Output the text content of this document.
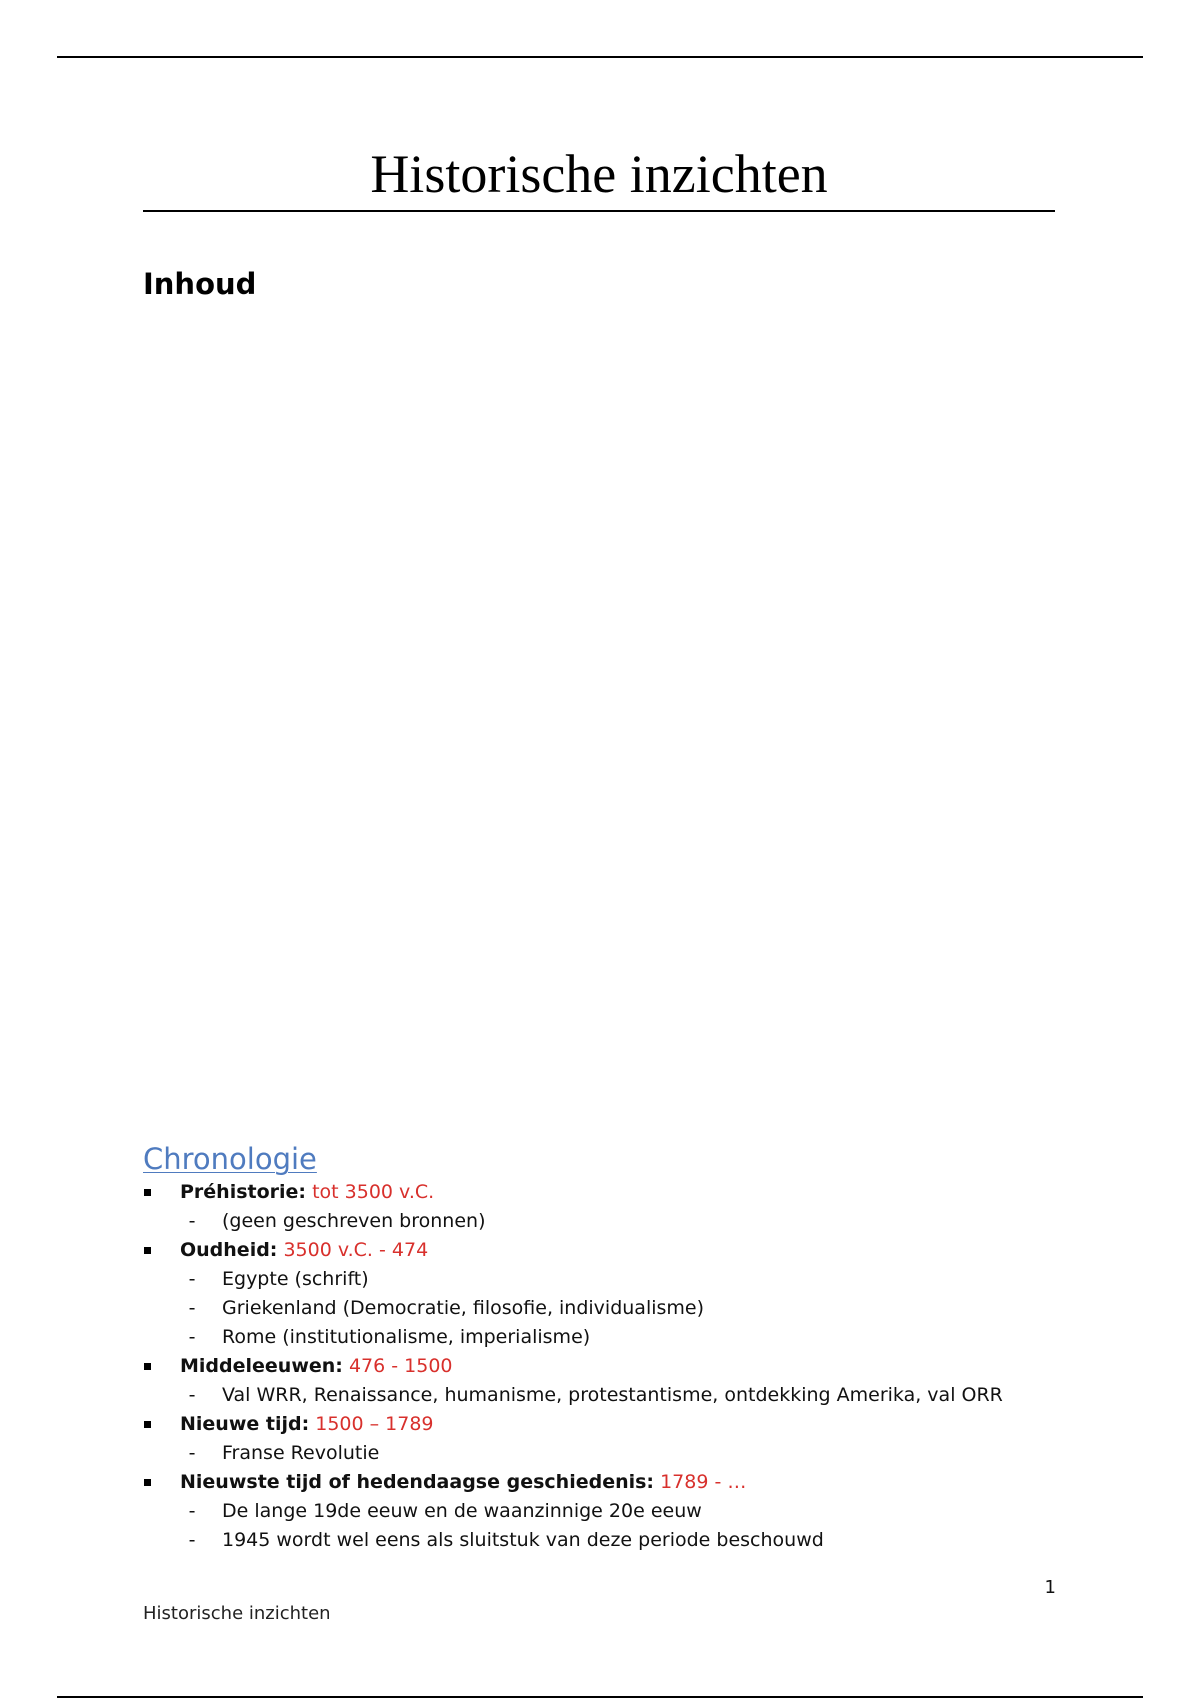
Historische inzichten
Inhoud
Chronologie
Préhistorie: tot 3500 v.C.
- (geen geschreven bronnen)
Oudheid: 3500 v.C. - 474
- Egypte (schrift)
- Griekenland (Democratie, filosofie, individualisme)
- Rome (institutionalisme, imperialisme)
Middeleeuwen: 476 - 1500
- Val WRR, Renaissance, humanisme, protestantisme, ontdekking Amerika, val ORR
Nieuwe tijd: 1500 – 1789
- Franse Revolutie
Nieuwste tijd of hedendaagse geschiedenis: 1789 - …
- De lange 19de eeuw en de waanzinnige 20e eeuw
- 1945 wordt wel eens als sluitstuk van deze periode beschouwd
1
Historische inzichten
